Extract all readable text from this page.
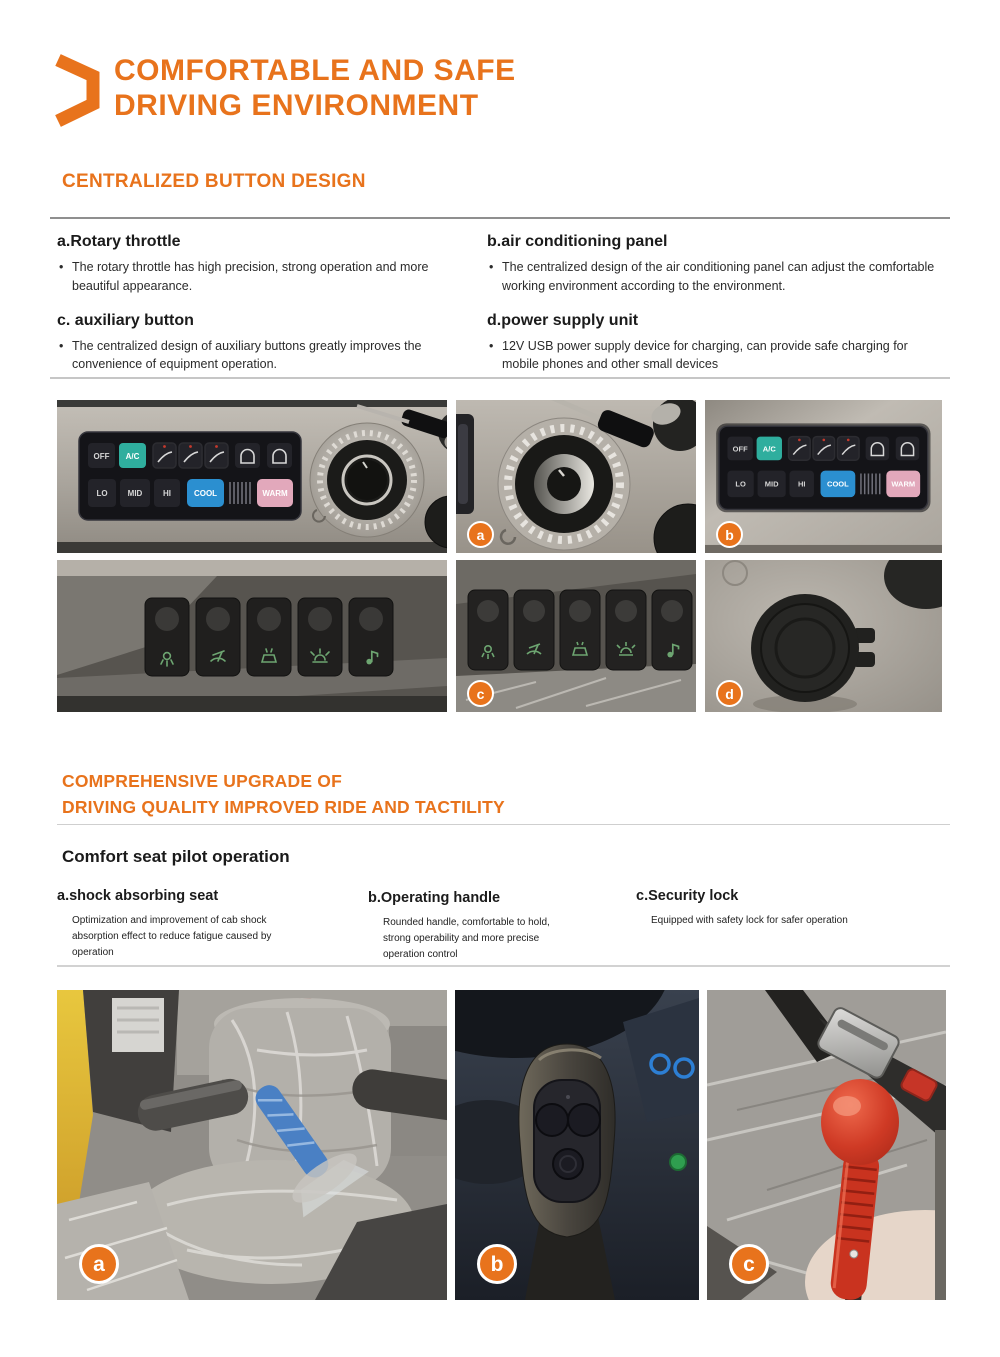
COMFORTABLE AND SAFE
DRIVING ENVIRONMENT
CENTRALIZED BUTTON DESIGN
a.Rotary throttle
• The rotary throttle has high precision, strong operation and more beautiful appearance.
b.air conditioning panel
• The centralized design of the air conditioning panel can adjust the comfortable working environment according to the environment.
c. auxiliary button
• The centralized design of auxiliary buttons greatly improves the convenience of equipment operation.
d.power supply unit
• 12V USB power supply device for charging, can provide safe charging for mobile phones and other small devices
OFF A/C
LO	MID	HI	COOL	WARM
a
OFF A/C
LO MID HI	COOL	WARM
b
c	d
COMPREHENSIVE UPGRADE OF
DRIVING QUALITY IMPROVED RIDE AND TACTILITY
Comfort seat pilot operation
a.shock absorbing seat

Optimization and improvement of cab shock absorption effect to reduce fatigue caused by operation

b.Operating handle

Rounded handle, comfortable to hold, strong operability and more precise operation control

c.Security lock

Equipped with safety lock for safer operation

a	b	c
